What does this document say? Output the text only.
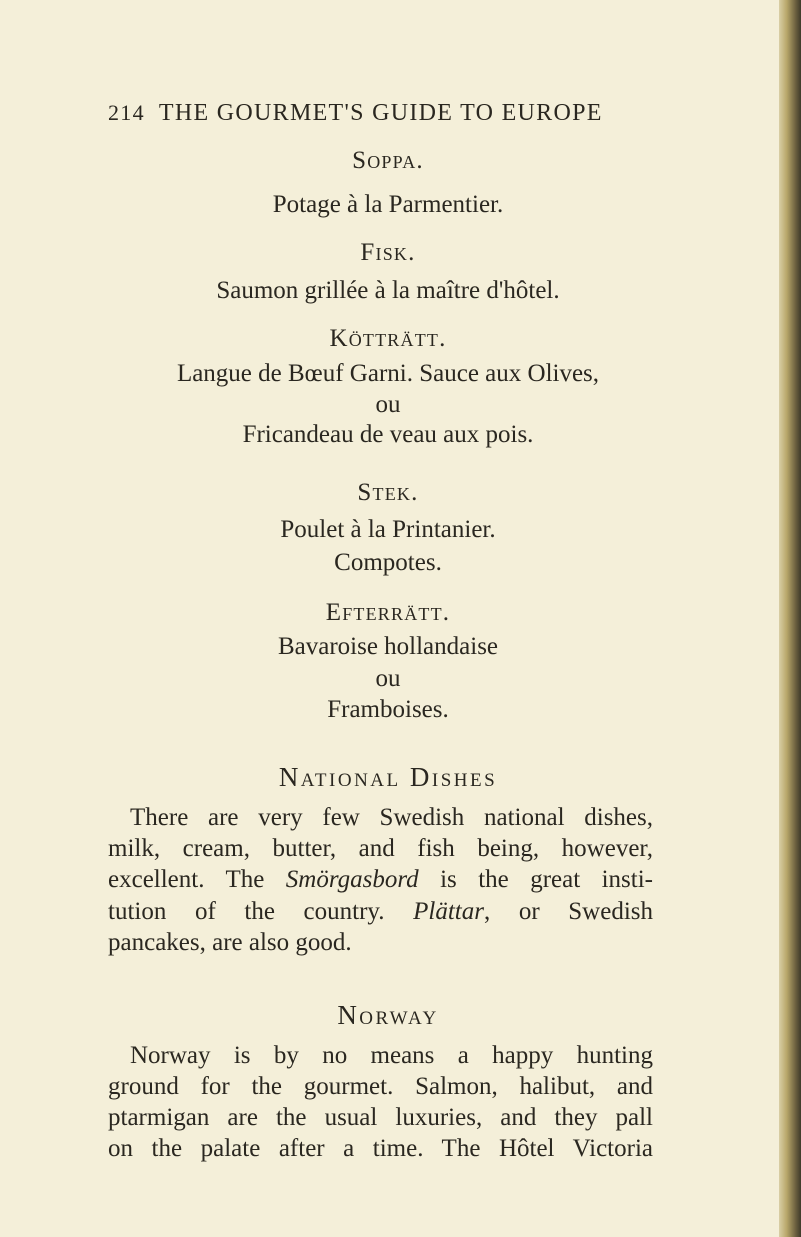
214 THE GOURMET'S GUIDE TO EUROPE
Soppa.
Potage à la Parmentier.
Fisk.
Saumon grillée à la maître d'hôtel.
Kötträtt.
Langue de Bœuf Garni. Sauce aux Olives,
ou
Fricandeau de veau aux pois.
Stek.
Poulet à la Printanier.
Compotes.
Efterrätt.
Bavaroise hollandaise
ou
Framboises.
National Dishes
There are very few Swedish national dishes,
milk, cream, butter, and fish being, however,
excellent. The Smörgasbord is the great insti-
tution of the country. Plättar, or Swedish
pancakes, are also good.
Norway
Norway is by no means a happy hunting
ground for the gourmet. Salmon, halibut, and
ptarmigan are the usual luxuries, and they pall
on the palate after a time. The Hôtel Victoria
